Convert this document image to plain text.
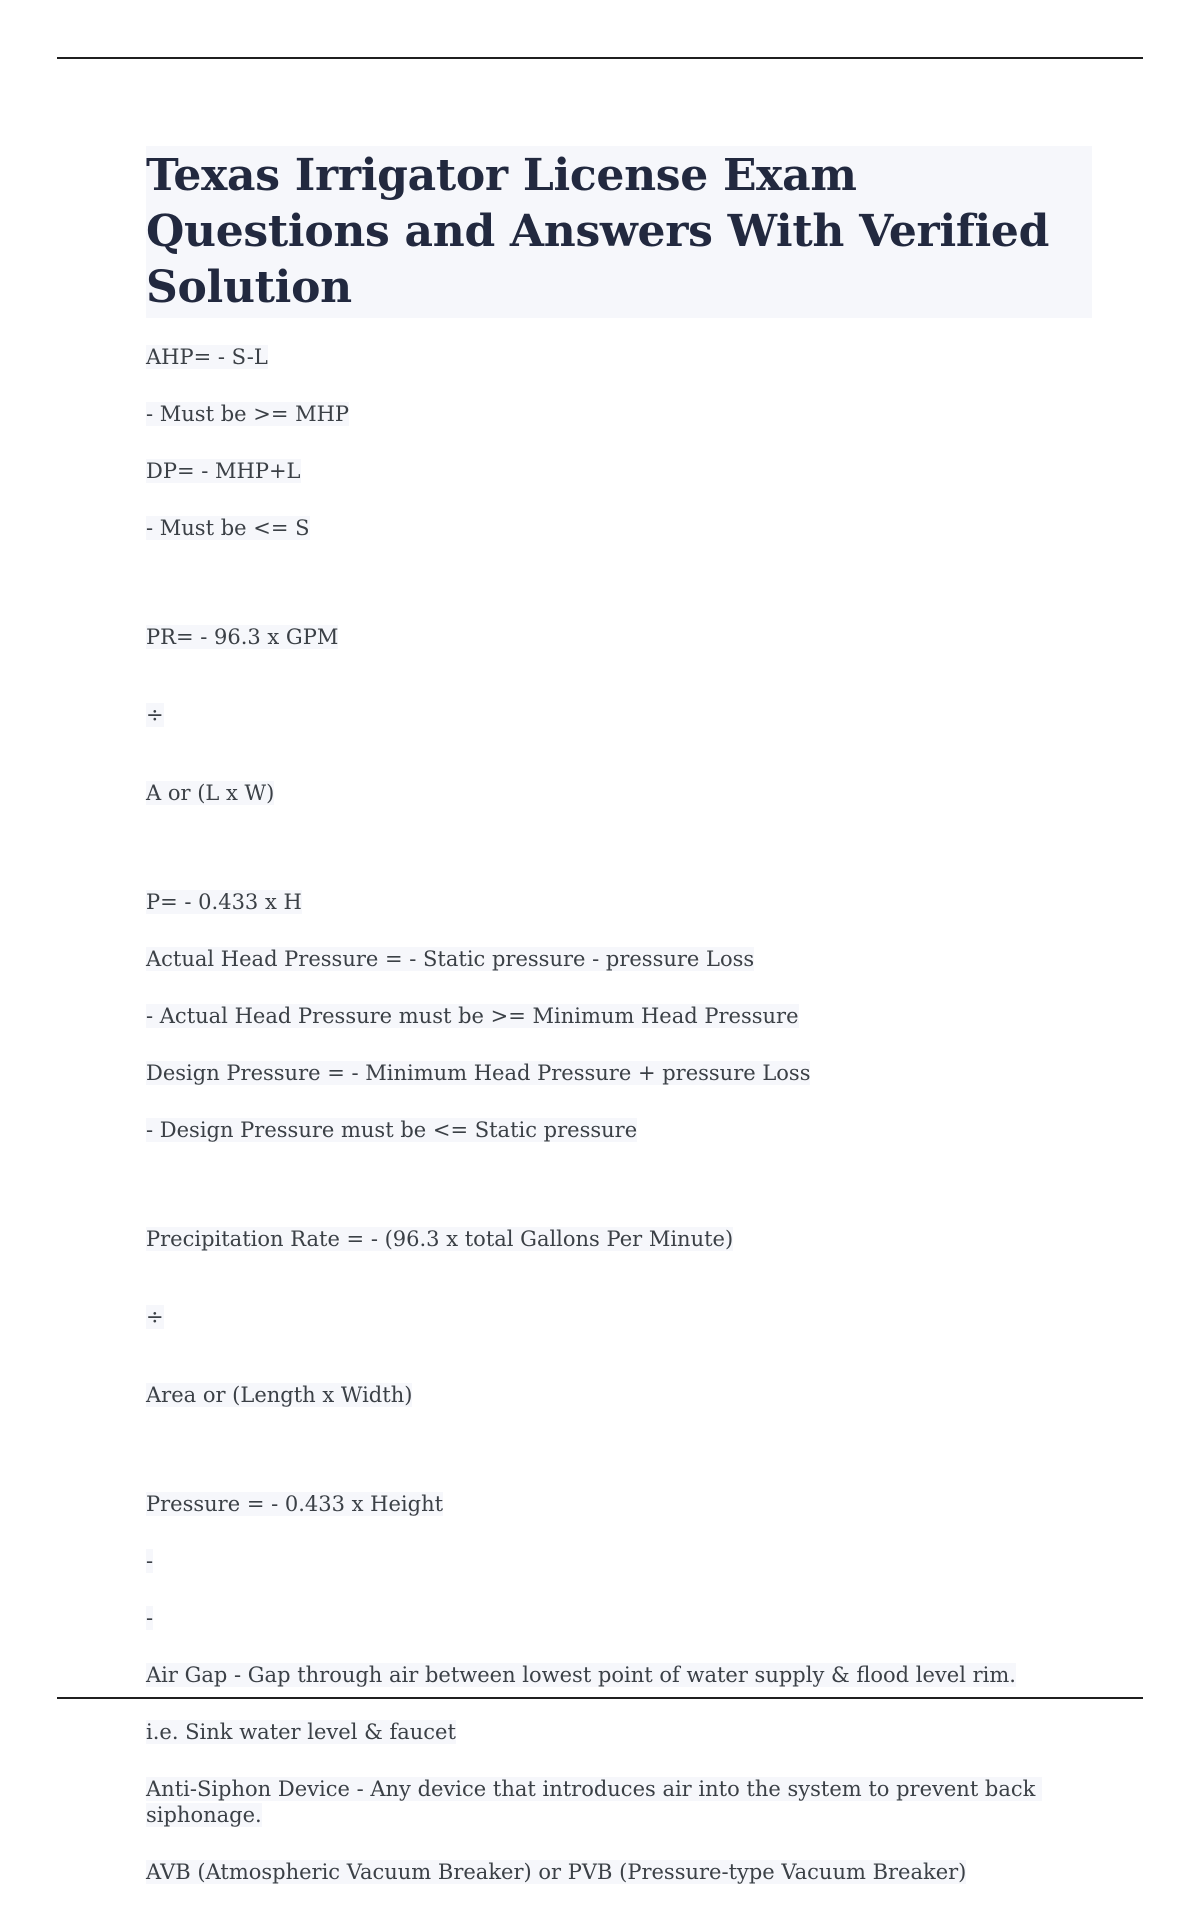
Texas Irrigator License Exam Questions and Answers With Verified Solution

AHP= - S-L

- Must be >= MHP

DP= - MHP+L

- Must be <= S

PR= - 96.3 x GPM

÷

A or (L x W)

P= - 0.433 x H

Actual Head Pressure = - Static pressure - pressure Loss

- Actual Head Pressure must be >= Minimum Head Pressure

Design Pressure = - Minimum Head Pressure + pressure Loss

- Design Pressure must be <= Static pressure

Precipitation Rate = - (96.3 x total Gallons Per Minute)

÷

Area or (Length x Width)

Pressure = - 0.433 x Height

-

-

Air Gap - Gap through air between lowest point of water supply & flood level rim.

i.e. Sink water level & faucet

Anti-Siphon Device - Any device that introduces air into the system to prevent back siphonage.

AVB (Atmospheric Vacuum Breaker) or PVB (Pressure-type Vacuum Breaker)
